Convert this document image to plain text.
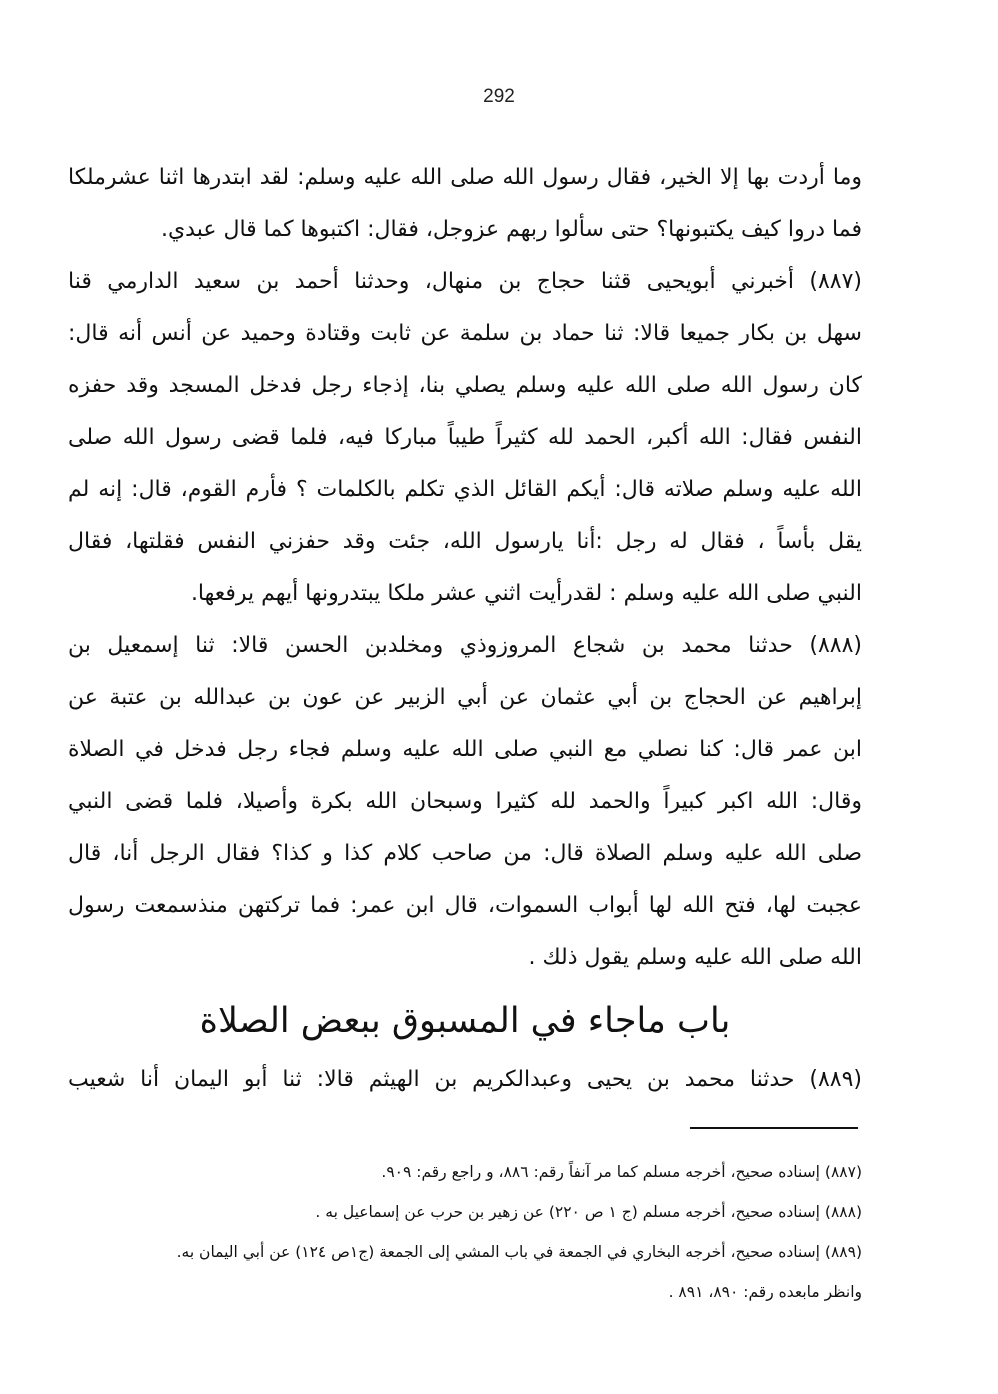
292
وما أردت بها إلا الخير، فقال رسول الله صلى الله عليه وسلم: لقد ابتدرها اثنا عشرملكا
فما دروا كيف يكتبونها؟ حتى سألوا ربهم عزوجل، فقال: اكتبوها كما قال عبدي.
(٨٨٧) أخبرني أبويحيى قثنا حجاج بن منهال، وحدثنا أحمد بن سعيد الدارمي قنا
سهل بن بكار جميعا قالا: ثنا حماد بن سلمة عن ثابت وقتادة وحميد عن أنس أنه قال:
كان رسول الله صلى الله عليه وسلم يصلي بنا، إذجاء رجل فدخل المسجد وقد حفزه
النفس فقال: الله أكبر، الحمد لله كثيراً طيباً مباركا فيه، فلما قضى رسول الله صلى
الله عليه وسلم صلاته قال: أيكم القائل الذي تكلم بالكلمات ؟ فأرم القوم، قال: إنه لم
يقل بأساً ، فقال له رجل :أنا يارسول الله، جئت وقد حفزني النفس فقلتها، فقال
النبي صلى الله عليه وسلم : لقدرأيت اثني عشر ملكا يبتدرونها أيهم يرفعها.
(٨٨٨) حدثنا محمد بن شجاع المروزوذي ومخلدبن الحسن قالا: ثنا إسمعيل بن
إبراهيم عن الحجاج بن أبي عثمان عن أبي الزبير عن عون بن عبدالله بن عتبة عن
ابن عمر قال: كنا نصلي مع النبي صلى الله عليه وسلم فجاء رجل فدخل في الصلاة
وقال: الله اكبر كبيراً والحمد لله كثيرا وسبحان الله بكرة وأصيلا، فلما قضى النبي
صلى الله عليه وسلم الصلاة قال: من صاحب كلام كذا و كذا؟ فقال الرجل أنا، قال
عجبت لها، فتح الله لها أبواب السموات، قال ابن عمر: فما تركتهن منذسمعت رسول
الله صلى الله عليه وسلم يقول ذلك .
باب ماجاء في المسبوق ببعض الصلاة
(٨٨٩) حدثنا محمد بن يحيى وعبدالكريم بن الهيثم قالا: ثنا أبو اليمان أنا شعيب
(٨٨٧) إسناده صحيح، أخرجه مسلم كما مر آنفاً رقم: ٨٨٦، و راجع رقم: ٩٠٩.
(٨٨٨) إسناده صحيح، أخرجه مسلم (ج ١ ص ٢٢٠) عن زهير بن حرب عن إسماعيل به .
(٨٨٩) إسناده صحيح، أخرجه البخاري في الجمعة في باب المشي إلى الجمعة (ج١ص ١٢٤) عن أبي اليمان به.
وانظر مابعده رقم: ٨٩٠، ٨٩١ .
